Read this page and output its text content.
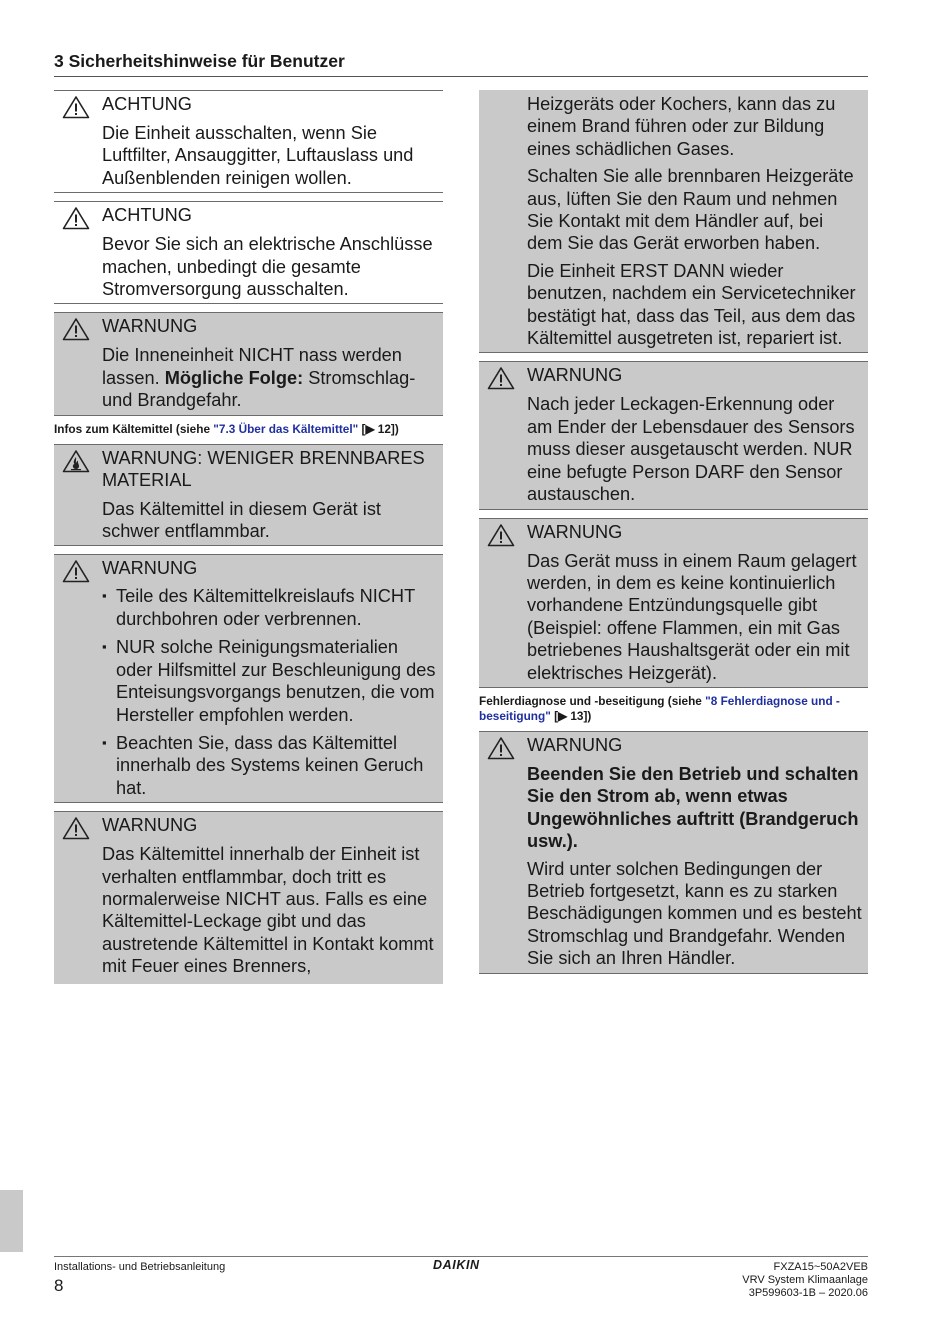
3 Sicherheitshinweise für Benutzer
ACHTUNG

Die Einheit ausschalten, wenn Sie Luftfilter, Ansauggitter, Luftauslass und Außenblenden reinigen wollen.

ACHTUNG

Bevor Sie sich an elektrische Anschlüsse machen, unbedingt die gesamte Stromversorgung ausschalten.

WARNUNG

Die Inneneinheit NICHT nass werden lassen. Mögliche Folge: Stromschlag- und Brandgefahr.

Infos zum Kältemittel (siehe "7.3 Über das Kältemittel" [▶ 12])
WARNUNG: WENIGER BRENNBARES MATERIAL

Das Kältemittel in diesem Gerät ist schwer entflammbar.

WARNUNG
▪ Teile des Kältemittelkreislaufs NICHT durchbohren oder verbrennen.
▪ NUR solche Reinigungsmaterialien oder Hilfsmittel zur Beschleunigung des Enteisungsvorgangs benutzen, die vom Hersteller empfohlen werden.
▪ Beachten Sie, dass das Kältemittel innerhalb des Systems keinen Geruch hat.
WARNUNG

Das Kältemittel innerhalb der Einheit ist verhalten entflammbar, doch tritt es normalerweise NICHT aus. Falls es eine Kältemittel-Leckage gibt und das austretende Kältemittel in Kontakt kommt mit Feuer eines Brenners,

Heizgeräts oder Kochers, kann das zu einem Brand führen oder zur Bildung eines schädlichen Gases.

Schalten Sie alle brennbaren Heizgeräte aus, lüften Sie den Raum und nehmen Sie Kontakt mit dem Händler auf, bei dem Sie das Gerät erworben haben.

Die Einheit ERST DANN wieder benutzen, nachdem ein Servicetechniker bestätigt hat, dass das Teil, aus dem das Kältemittel ausgetreten ist, repariert ist.

WARNUNG

Nach jeder Leckagen-Erkennung oder am Ender der Lebensdauer des Sensors muss dieser ausgetauscht werden. NUR eine befugte Person DARF den Sensor austauschen.

WARNUNG

Das Gerät muss in einem Raum gelagert werden, in dem es keine kontinuierlich vorhandene Entzündungsquelle gibt (Beispiel: offene Flammen, ein mit Gas betriebenes Haushaltsgerät oder ein mit elektrisches Heizgerät).

Fehlerdiagnose und -beseitigung (siehe "8 Fehlerdiagnose und -beseitigung" [▶ 13])
WARNUNG

Beenden Sie den Betrieb und schalten Sie den Strom ab, wenn etwas Ungewöhnliches auftritt (Brandgeruch usw.).

Wird unter solchen Bedingungen der Betrieb fortgesetzt, kann es zu starken Beschädigungen kommen und es besteht Stromschlag und Brandgefahr. Wenden Sie sich an Ihren Händler.

Installations- und Betriebsanleitung
8
DAIKIN	FXZA15~50A2VEB
VRV System Klimaanlage
3P599603-1B – 2020.06
